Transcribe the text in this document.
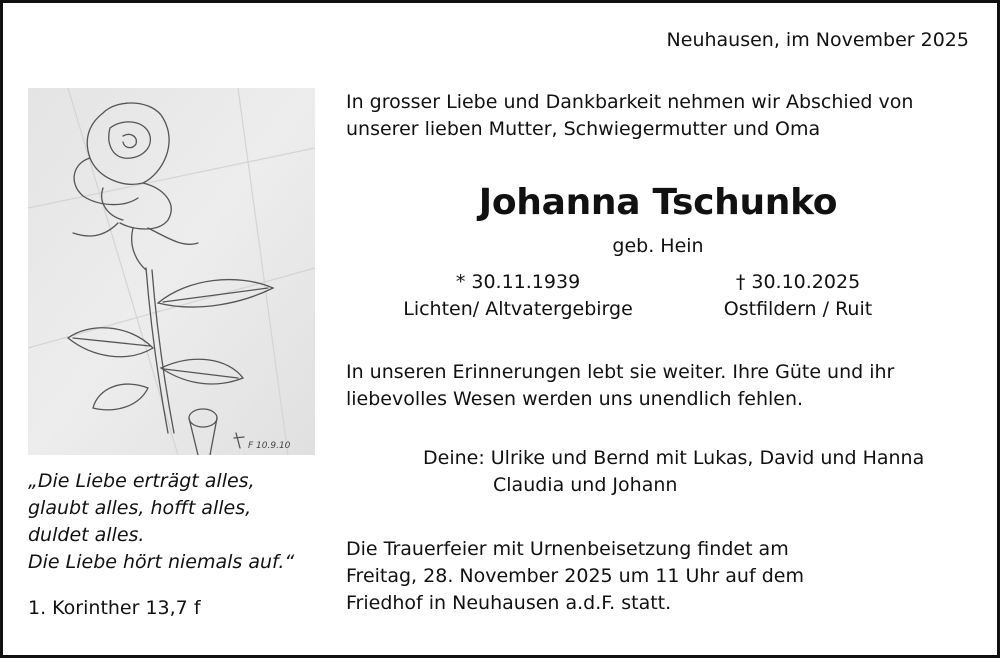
Neuhausen, im November 2025
F 10.9.10
„Die Liebe erträgt alles,
glaubt alles, hofft alles,
duldet alles.
Die Liebe hört niemals auf.“
1. Korinther 13,7 f
In grosser Liebe und Dankbarkeit nehmen wir Abschied von
unserer lieben Mutter, Schwiegermutter und Oma
Johanna Tschunko
geb. Hein
* 30.11.1939
Lichten/ Altvatergebirge
† 30.10.2025
Ostfildern / Ruit
In unseren Erinnerungen lebt sie weiter. Ihre Güte und ihr
liebevolles Wesen werden uns unendlich fehlen.
Deine: Ulrike und Bernd mit Lukas, David und Hanna
Claudia und Johann
Die Trauerfeier mit Urnenbeisetzung findet am
Freitag, 28. November 2025 um 11 Uhr auf dem
Friedhof in Neuhausen a.d.F. statt.
